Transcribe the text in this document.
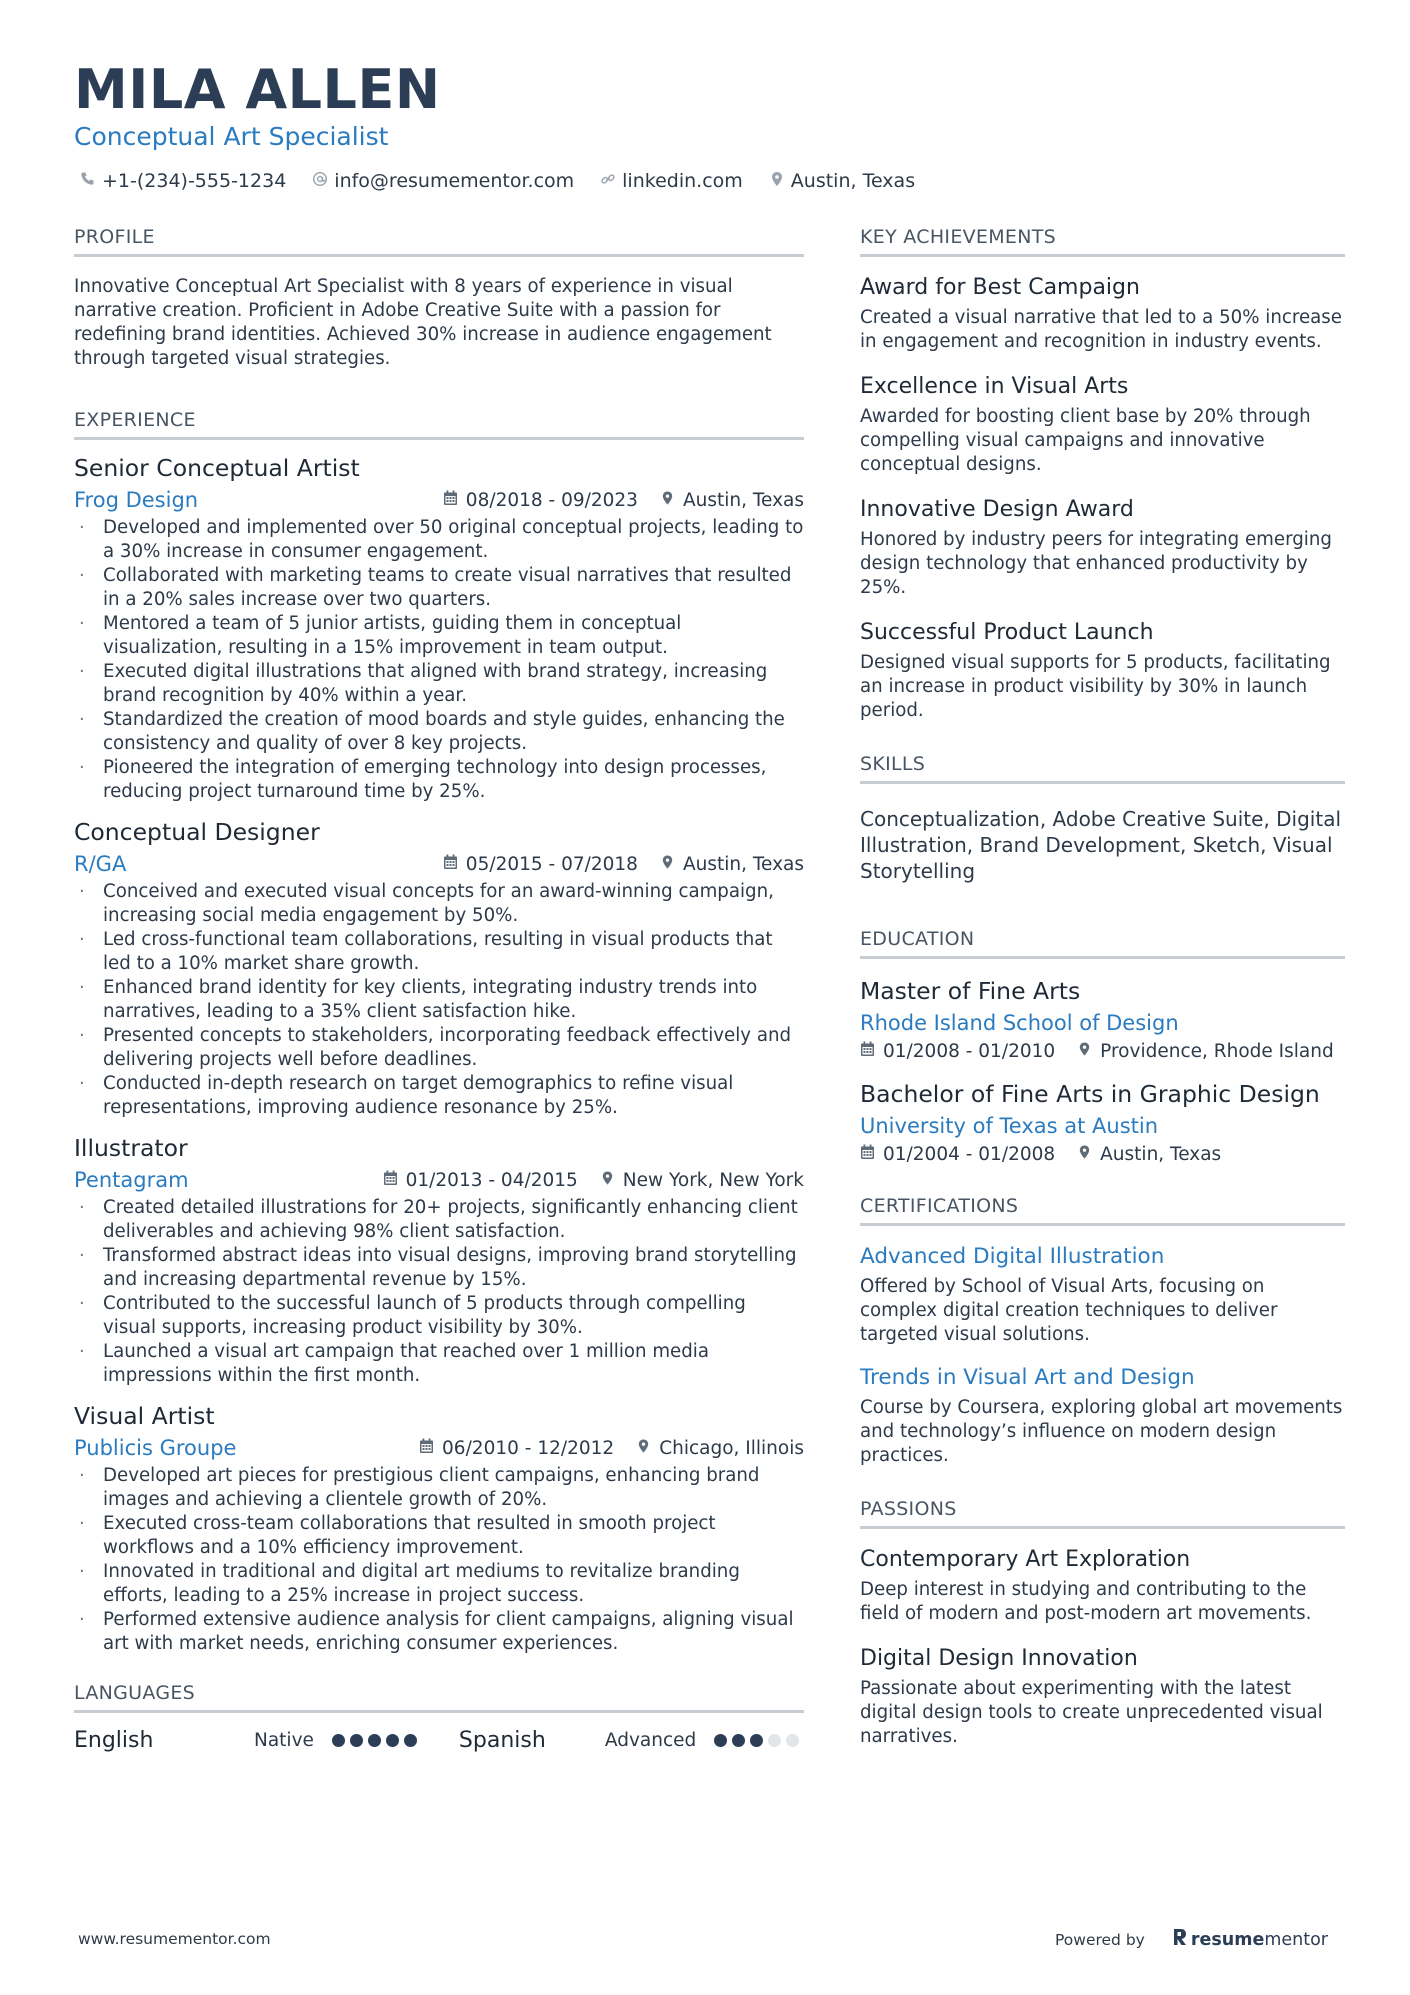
MILA ALLEN
Conceptual Art Specialist
+1-(234)-555-1234	info@resumementor.com	linkedin.com	Austin, Texas
PROFILE
Innovative Conceptual Art Specialist with 8 years of experience in visual narrative creation. Proficient in Adobe Creative Suite with a passion for redefining brand identities. Achieved 30% increase in audience engagement through targeted visual strategies.
EXPERIENCE
Senior Conceptual Artist
Frog Design	08/2018 - 09/2023 Austin, Texas
· Developed and implemented over 50 original conceptual projects, leading to a 30% increase in consumer engagement.
· Collaborated with marketing teams to create visual narratives that resulted in a 20% sales increase over two quarters.
· Mentored a team of 5 junior artists, guiding them in conceptual visualization, resulting in a 15% improvement in team output.
· Executed digital illustrations that aligned with brand strategy, increasing brand recognition by 40% within a year.
· Standardized the creation of mood boards and style guides, enhancing the consistency and quality of over 8 key projects.
· Pioneered the integration of emerging technology into design processes, reducing project turnaround time by 25%.
Conceptual Designer
R/GA	05/2015 - 07/2018 Austin, Texas
· Conceived and executed visual concepts for an award-winning campaign, increasing social media engagement by 50%.
· Led cross-functional team collaborations, resulting in visual products that led to a 10% market share growth.
· Enhanced brand identity for key clients, integrating industry trends into narratives, leading to a 35% client satisfaction hike.
· Presented concepts to stakeholders, incorporating feedback effectively and delivering projects well before deadlines.
· Conducted in-depth research on target demographics to refine visual representations, improving audience resonance by 25%.
Illustrator
Pentagram	01/2013 - 04/2015 New York, New York
· Created detailed illustrations for 20+ projects, significantly enhancing client deliverables and achieving 98% client satisfaction.
· Transformed abstract ideas into visual designs, improving brand storytelling and increasing departmental revenue by 15%.
· Contributed to the successful launch of 5 products through compelling visual supports, increasing product visibility by 30%.
· Launched a visual art campaign that reached over 1 million media impressions within the first month.
Visual Artist
Publicis Groupe	06/2010 - 12/2012 Chicago, Illinois
· Developed art pieces for prestigious client campaigns, enhancing brand images and achieving a clientele growth of 20%.
· Executed cross-team collaborations that resulted in smooth project workflows and a 10% efficiency improvement.
· Innovated in traditional and digital art mediums to revitalize branding efforts, leading to a 25% increase in project success.
· Performed extensive audience analysis for client campaigns, aligning visual art with market needs, enriching consumer experiences.
LANGUAGES
English	Native	Spanish	Advanced
KEY ACHIEVEMENTS
Award for Best Campaign
Created a visual narrative that led to a 50% increase in engagement and recognition in industry events.
Excellence in Visual Arts
Awarded for boosting client base by 20% through compelling visual campaigns and innovative conceptual designs.
Innovative Design Award
Honored by industry peers for integrating emerging design technology that enhanced productivity by 25%.
Successful Product Launch
Designed visual supports for 5 products, facilitating an increase in product visibility by 30% in launch period.
SKILLS
Conceptualization, Adobe Creative Suite, Digital Illustration, Brand Development, Sketch, Visual Storytelling
EDUCATION
Master of Fine Arts
Rhode Island School of Design
01/2008 - 01/2010 Providence, Rhode Island
Bachelor of Fine Arts in Graphic Design
University of Texas at Austin
01/2004 - 01/2008 Austin, Texas
CERTIFICATIONS
Advanced Digital Illustration
Offered by School of Visual Arts, focusing on complex digital creation techniques to deliver targeted visual solutions.
Trends in Visual Art and Design
Course by Coursera, exploring global art movements and technology’s influence on modern design practices.
PASSIONS
Contemporary Art Exploration
Deep interest in studying and contributing to the field of modern and post-modern art movements.
Digital Design Innovation
Passionate about experimenting with the latest digital design tools to create unprecedented visual narratives.
www.resumementor.com	Powered by	resumementor
